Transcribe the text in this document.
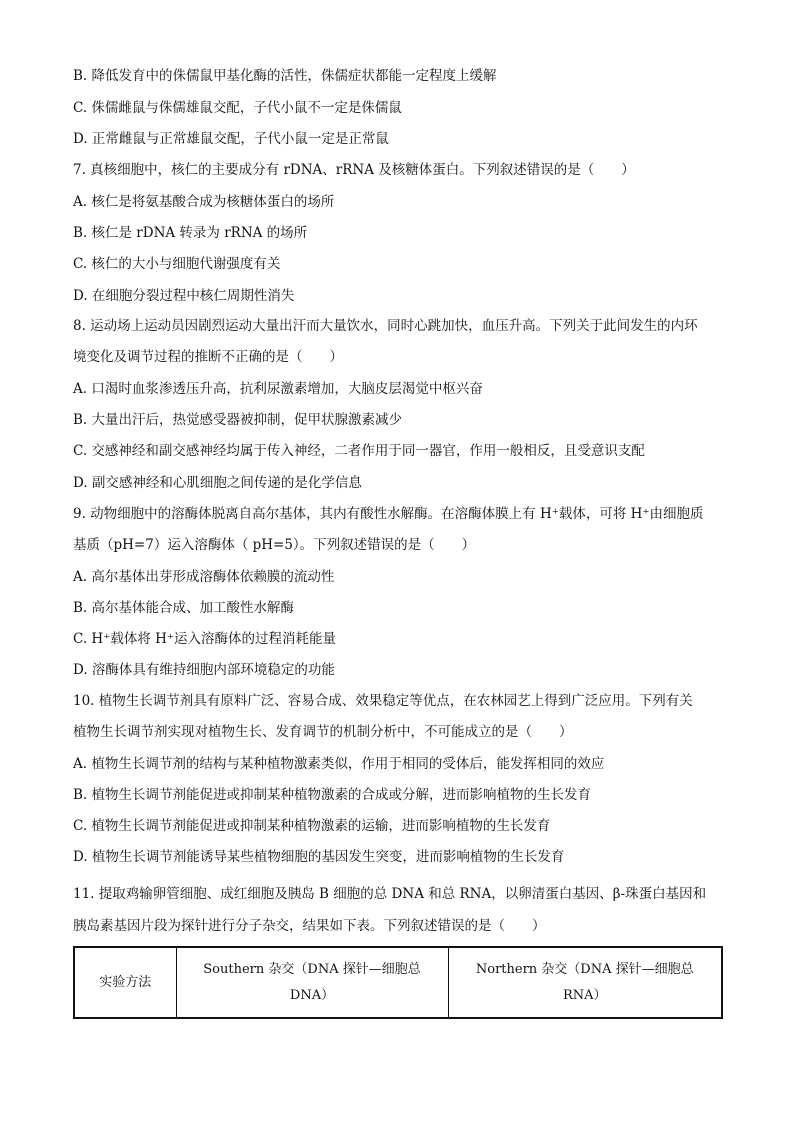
B. 降低发育中的侏儒鼠甲基化酶的活性，侏儒症状都能一定程度上缓解
C. 侏儒雌鼠与侏儒雄鼠交配，子代小鼠不一定是侏儒鼠
D. 正常雌鼠与正常雄鼠交配，子代小鼠一定是正常鼠
7. 真核细胞中，核仁的主要成分有 rDNA、rRNA 及核糖体蛋白。下列叙述错误的是（　　）
A. 核仁是将氨基酸合成为核糖体蛋白的场所
B. 核仁是 rDNA 转录为 rRNA 的场所
C. 核仁的大小与细胞代谢强度有关
D. 在细胞分裂过程中核仁周期性消失
8. 运动场上运动员因剧烈运动大量出汗而大量饮水，同时心跳加快，血压升高。下列关于此间发生的内环
境变化及调节过程的推断不正确的是（　　）
A. 口渴时血浆渗透压升高，抗利尿激素增加，大脑皮层渴觉中枢兴奋
B. 大量出汗后，热觉感受器被抑制，促甲状腺激素减少
C. 交感神经和副交感神经均属于传入神经，二者作用于同一器官，作用一般相反，且受意识支配
D. 副交感神经和心肌细胞之间传递的是化学信息
9. 动物细胞中的溶酶体脱离自高尔基体，其内有酸性水解酶。在溶酶体膜上有 H⁺载体，可将 H⁺由细胞质
基质（pH=7）运入溶酶体（ pH=5）。下列叙述错误的是（　　）
A. 高尔基体出芽形成溶酶体依赖膜的流动性
B. 高尔基体能合成、加工酸性水解酶
C. H⁺载体将 H⁺运入溶酶体的过程消耗能量
D. 溶酶体具有维持细胞内部环境稳定的功能
10. 植物生长调节剂具有原料广泛、容易合成、效果稳定等优点，在农林园艺上得到广泛应用。下列有关
植物生长调节剂实现对植物生长、发育调节的机制分析中，不可能成立的是（　　）
A. 植物生长调节剂的结构与某种植物激素类似，作用于相同的受体后，能发挥相同的效应
B. 植物生长调节剂能促进或抑制某种植物激素的合成或分解，进而影响植物的生长发育
C. 植物生长调节剂能促进或抑制某种植物激素的运输，进而影响植物的生长发育
D. 植物生长调节剂能诱导某些植物细胞的基因发生突变，进而影响植物的生长发育
11. 提取鸡输卵管细胞、成红细胞及胰岛 B 细胞的总 DNA 和总 RNA，以卵清蛋白基因、β-珠蛋白基因和
胰岛素基因片段为探针进行分子杂交，结果如下表。下列叙述错误的是（　　）
实验方法	Southern 杂交（DNA 探针—细胞总 DNA）	Northern 杂交（DNA 探针—细胞总 RNA）
